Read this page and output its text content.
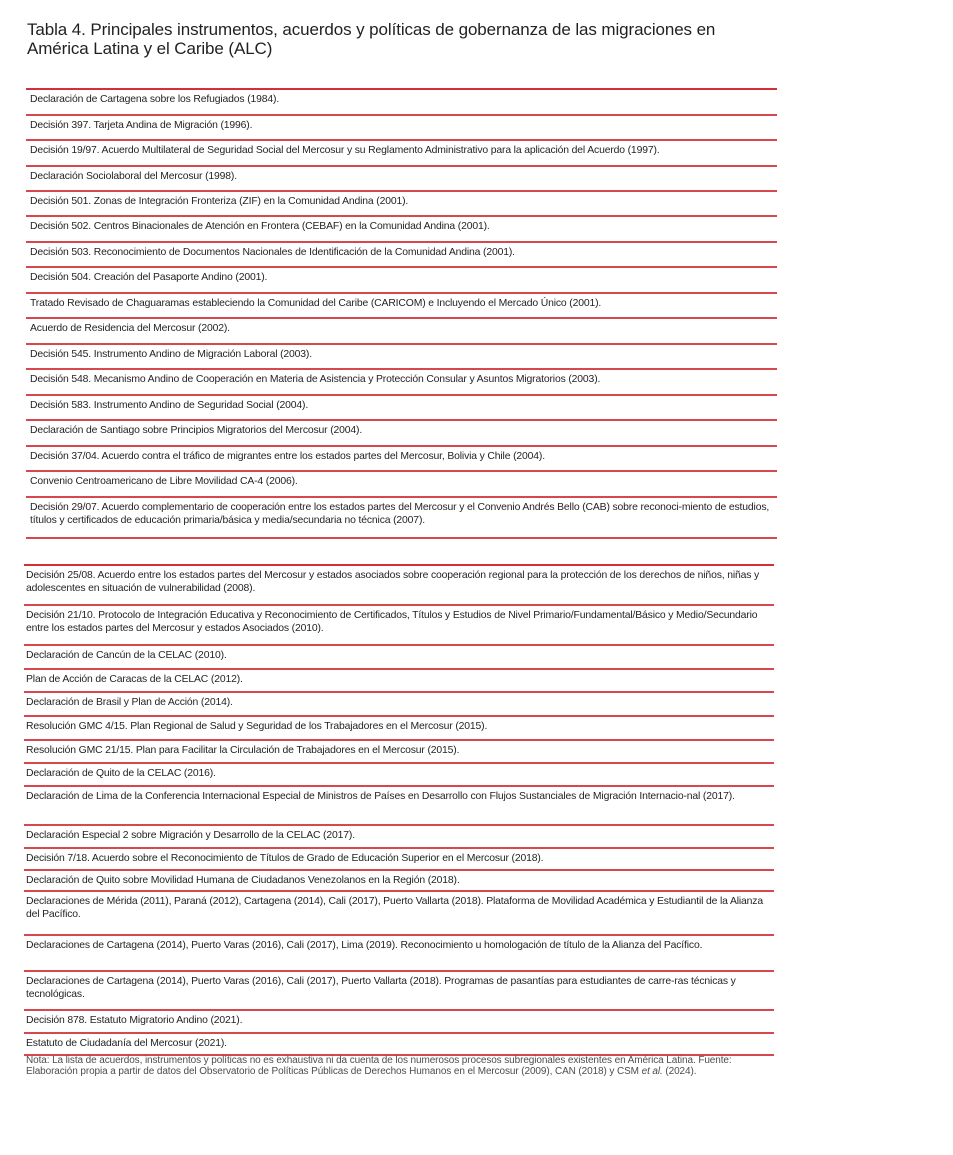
Tabla 4. Principales instrumentos, acuerdos y políticas de gobernanza de las migraciones en América Latina y el Caribe (ALC)
Declaración de Cartagena sobre los Refugiados (1984).
Decisión 397. Tarjeta Andina de Migración (1996).
Decisión 19/97. Acuerdo Multilateral de Seguridad Social del Mercosur y su Reglamento Administrativo para la aplicación del Acuerdo (1997).
Declaración Sociolaboral del Mercosur (1998).
Decisión 501. Zonas de Integración Fronteriza (ZIF) en la Comunidad Andina (2001).
Decisión 502. Centros Binacionales de Atención en Frontera (CEBAF) en la Comunidad Andina (2001).
Decisión 503. Reconocimiento de Documentos Nacionales de Identificación de la Comunidad Andina (2001).
Decisión 504. Creación del Pasaporte Andino (2001).
Tratado Revisado de Chaguaramas estableciendo la Comunidad del Caribe (CARICOM) e Incluyendo el Mercado Único (2001).
Acuerdo de Residencia del Mercosur (2002).
Decisión 545. Instrumento Andino de Migración Laboral (2003).
Decisión 548. Mecanismo Andino de Cooperación en Materia de Asistencia y Protección Consular y Asuntos Migratorios (2003).
Decisión 583. Instrumento Andino de Seguridad Social (2004).
Declaración de Santiago sobre Principios Migratorios del Mercosur (2004).
Decisión 37/04. Acuerdo contra el tráfico de migrantes entre los estados partes del Mercosur, Bolivia y Chile (2004).
Convenio Centroamericano de Libre Movilidad CA-4 (2006).
Decisión 29/07. Acuerdo complementario de cooperación entre los estados partes del Mercosur y el Convenio Andrés Bello (CAB) sobre reconoci-miento de estudios, títulos y certificados de educación primaria/básica y media/secundaria no técnica (2007).
Decisión 25/08. Acuerdo entre los estados partes del Mercosur y estados asociados sobre cooperación regional para la protección de los derechos de niños, niñas y adolescentes en situación de vulnerabilidad (2008).
Decisión 21/10. Protocolo de Integración Educativa y Reconocimiento de Certificados, Títulos y Estudios de Nivel Primario/Fundamental/Básico y Medio/Secundario entre los estados partes del Mercosur y estados Asociados (2010).
Declaración de Cancún de la CELAC (2010).
Plan de Acción de Caracas de la CELAC (2012).
Declaración de Brasil y Plan de Acción (2014).
Resolución GMC 4/15. Plan Regional de Salud y Seguridad de los Trabajadores en el Mercosur (2015).
Resolución GMC 21/15. Plan para Facilitar la Circulación de Trabajadores en el Mercosur (2015).
Declaración de Quito de la CELAC (2016).
Declaración de Lima de la Conferencia Internacional Especial de Ministros de Países en Desarrollo con Flujos Sustanciales de Migración Internacio-nal (2017).
Declaración Especial 2 sobre Migración y Desarrollo de la CELAC (2017).
Decisión 7/18. Acuerdo sobre el Reconocimiento de Títulos de Grado de Educación Superior en el Mercosur (2018).
Declaración de Quito sobre Movilidad Humana de Ciudadanos Venezolanos en la Región (2018).
Declaraciones de Mérida (2011), Paraná (2012), Cartagena (2014), Cali (2017), Puerto Vallarta (2018). Plataforma de Movilidad Académica y Estudiantil de la Alianza del Pacífico.
Declaraciones de Cartagena (2014), Puerto Varas (2016), Cali (2017), Lima (2019). Reconocimiento u homologación de título de la Alianza del Pacífico.
Declaraciones de Cartagena (2014), Puerto Varas (2016), Cali (2017), Puerto Vallarta (2018). Programas de pasantías para estudiantes de carre-ras técnicas y tecnológicas.
Decisión 878. Estatuto Migratorio Andino (2021).
Estatuto de Ciudadanía del Mercosur (2021).
Nota: La lista de acuerdos, instrumentos y políticas no es exhaustiva ni da cuenta de los numerosos procesos subregionales existentes en América Latina. Fuente: Elaboración propia a partir de datos del Observatorio de Políticas Públicas de Derechos Humanos en el Mercosur (2009), CAN (2018) y CSM et al. (2024).
